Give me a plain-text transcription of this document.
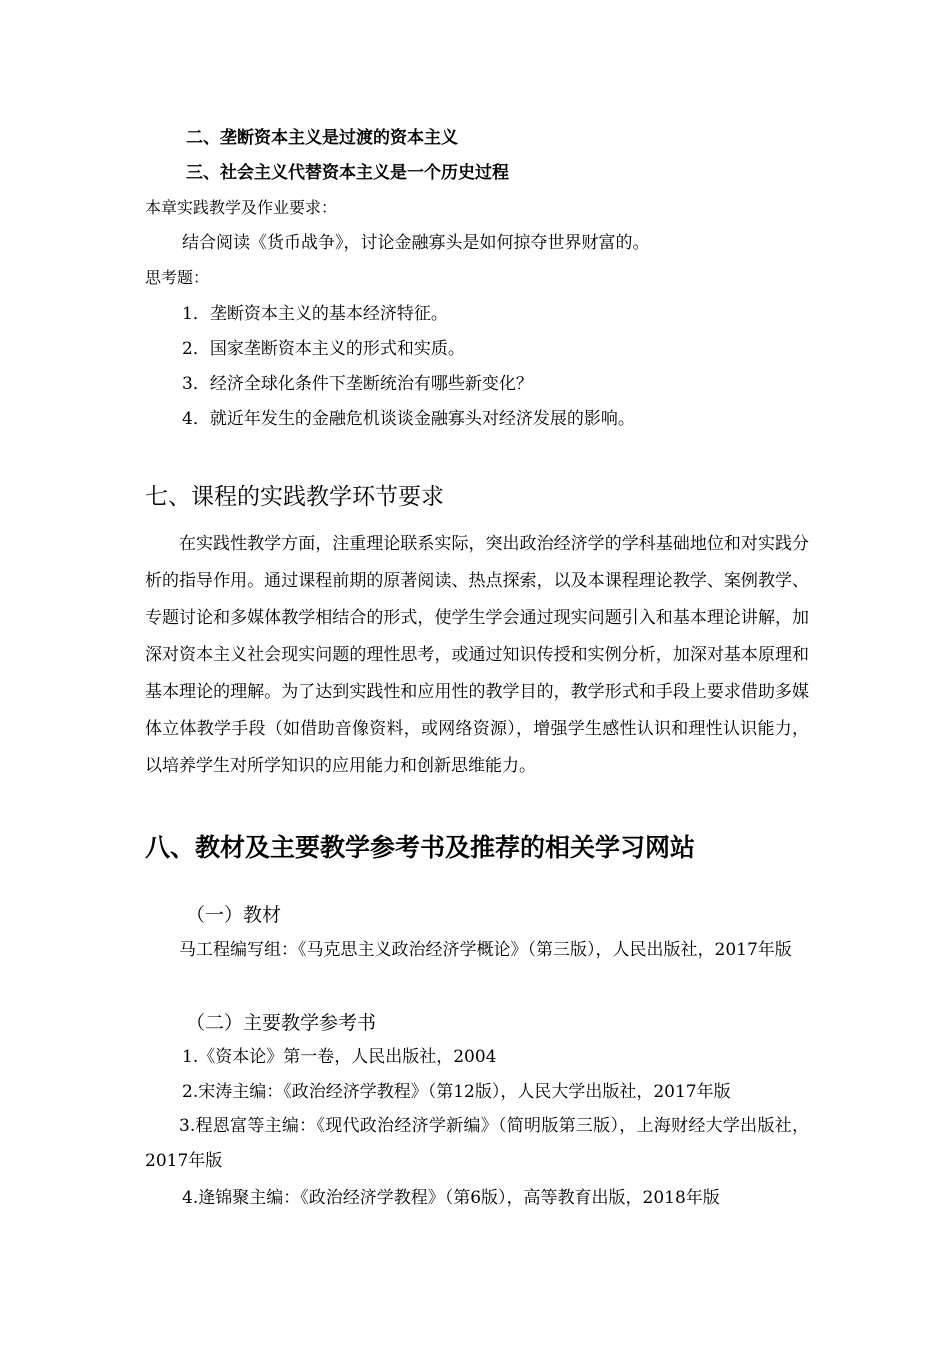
二、垄断资本主义是过渡的资本主义
三、社会主义代替资本主义是一个历史过程
本章实践教学及作业要求：
结合阅读《货币战争》，讨论金融寡头是如何掠夺世界财富的。
思考题：
1．垄断资本主义的基本经济特征。
2．国家垄断资本主义的形式和实质。
3．经济全球化条件下垄断统治有哪些新变化？
4．就近年发生的金融危机谈谈金融寡头对经济发展的影响。
七、课程的实践教学环节要求
在实践性教学方面，注重理论联系实际，突出政治经济学的学科基础地位和对实践分析的指导作用。通过课程前期的原著阅读、热点探索，以及本课程理论教学、案例教学、专题讨论和多媒体教学相结合的形式，使学生学会通过现实问题引入和基本理论讲解，加深对资本主义社会现实问题的理性思考，或通过知识传授和实例分析，加深对基本原理和基本理论的理解。为了达到实践性和应用性的教学目的，教学形式和手段上要求借助多媒体立体教学手段（如借助音像资料，或网络资源），增强学生感性认识和理性认识能力，以培养学生对所学知识的应用能力和创新思维能力。
八、教材及主要教学参考书及推荐的相关学习网站
（一）教材
马工程编写组：《马克思主义政治经济学概论》（第三版），人民出版社，2017年版
（二）主要教学参考书
1.《资本论》第一卷，人民出版社，2004
2.宋涛主编：《政治经济学教程》（第12版），人民大学出版社，2017年版
3.程恩富等主编：《现代政治经济学新编》（简明版第三版），上海财经大学出版社，2017年版
4.逄锦聚主编：《政治经济学教程》（第6版），高等教育出版，2018年版
